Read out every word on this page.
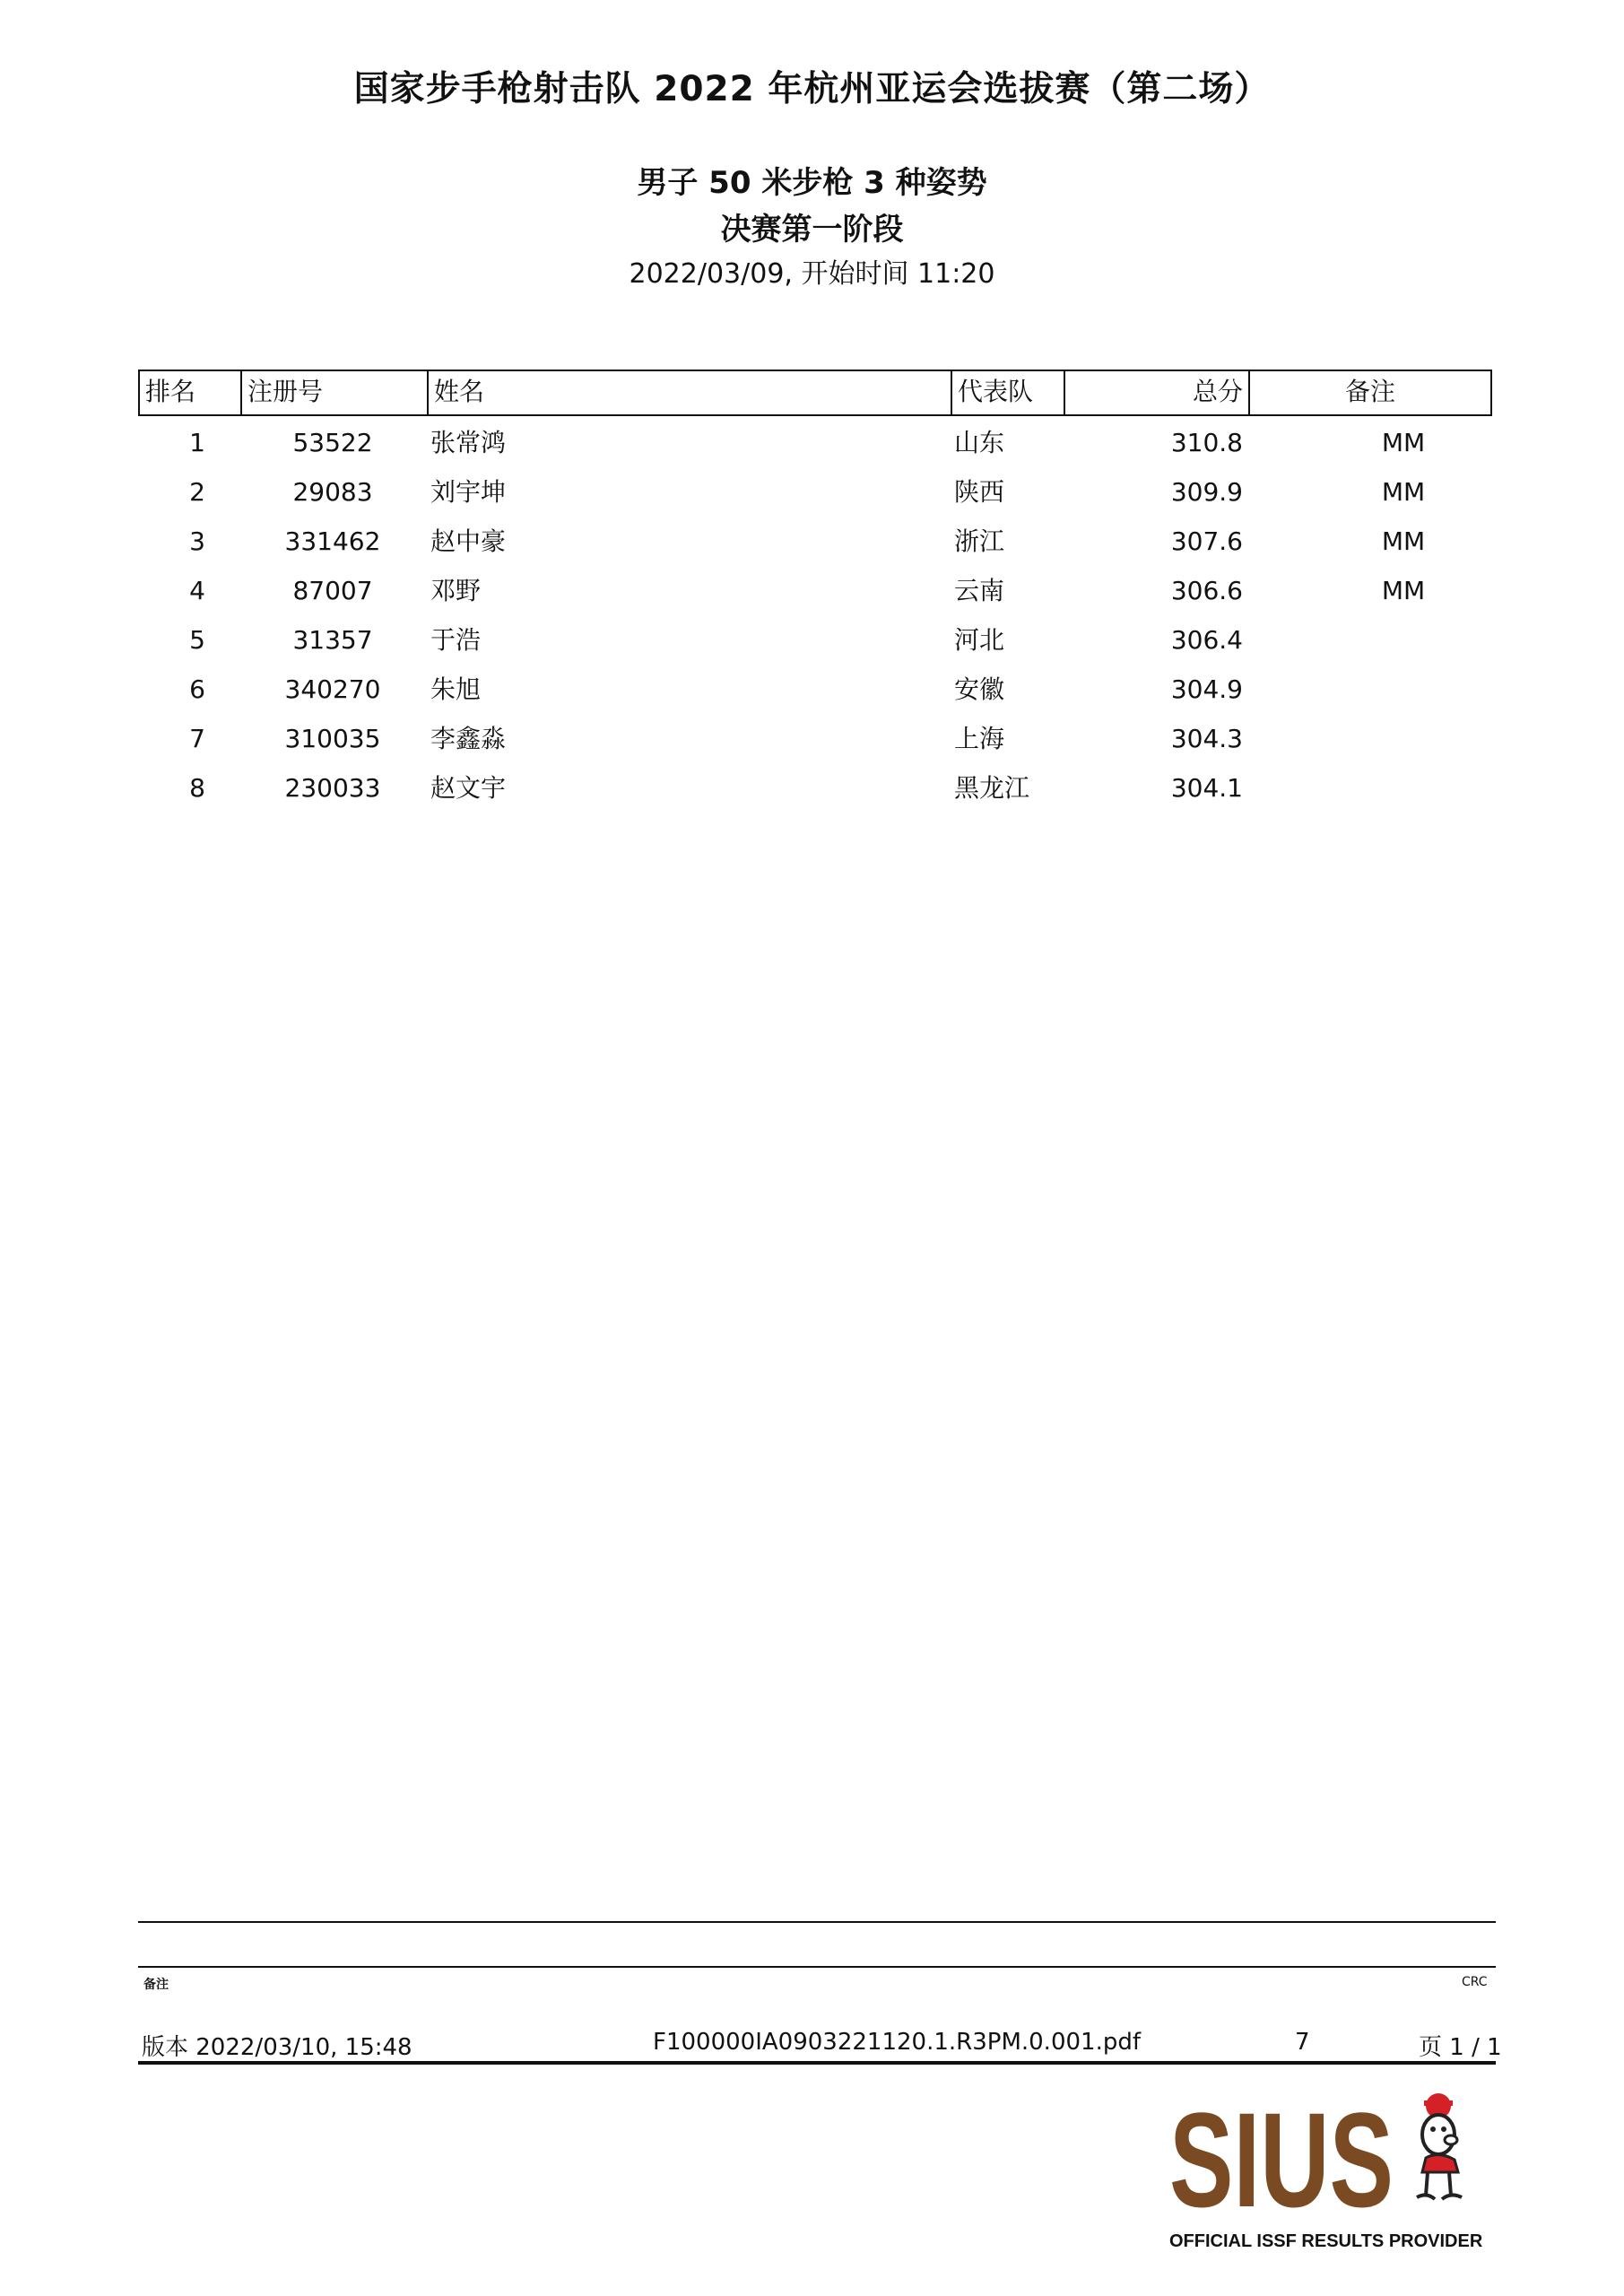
国家步手枪射击队 2022 年杭州亚运会选拔赛（第二场）
男子 50 米步枪 3 种姿势
决赛第一阶段
2022/03/09, 开始时间 11:20
排名	注册号	姓名	代表队	总分	备注
1	53522	张常鸿	山东	310.8	MM
2	29083	刘宇坤	陕西	309.9	MM
3	331462	赵中豪	浙江	307.6	MM
4	87007	邓野	云南	306.6	MM
5	31357	于浩	河北	306.4
6	340270	朱旭	安徽	304.9
7	310035	李鑫淼	上海	304.3
8	230033	赵文宇	黑龙江	304.1
备注	CRC
版本 2022/03/10, 15:48	F100000IA0903221120.1.R3PM.0.001.pdf	7	页 1 / 1
SIUS
OFFICIAL ISSF RESULTS PROVIDER
